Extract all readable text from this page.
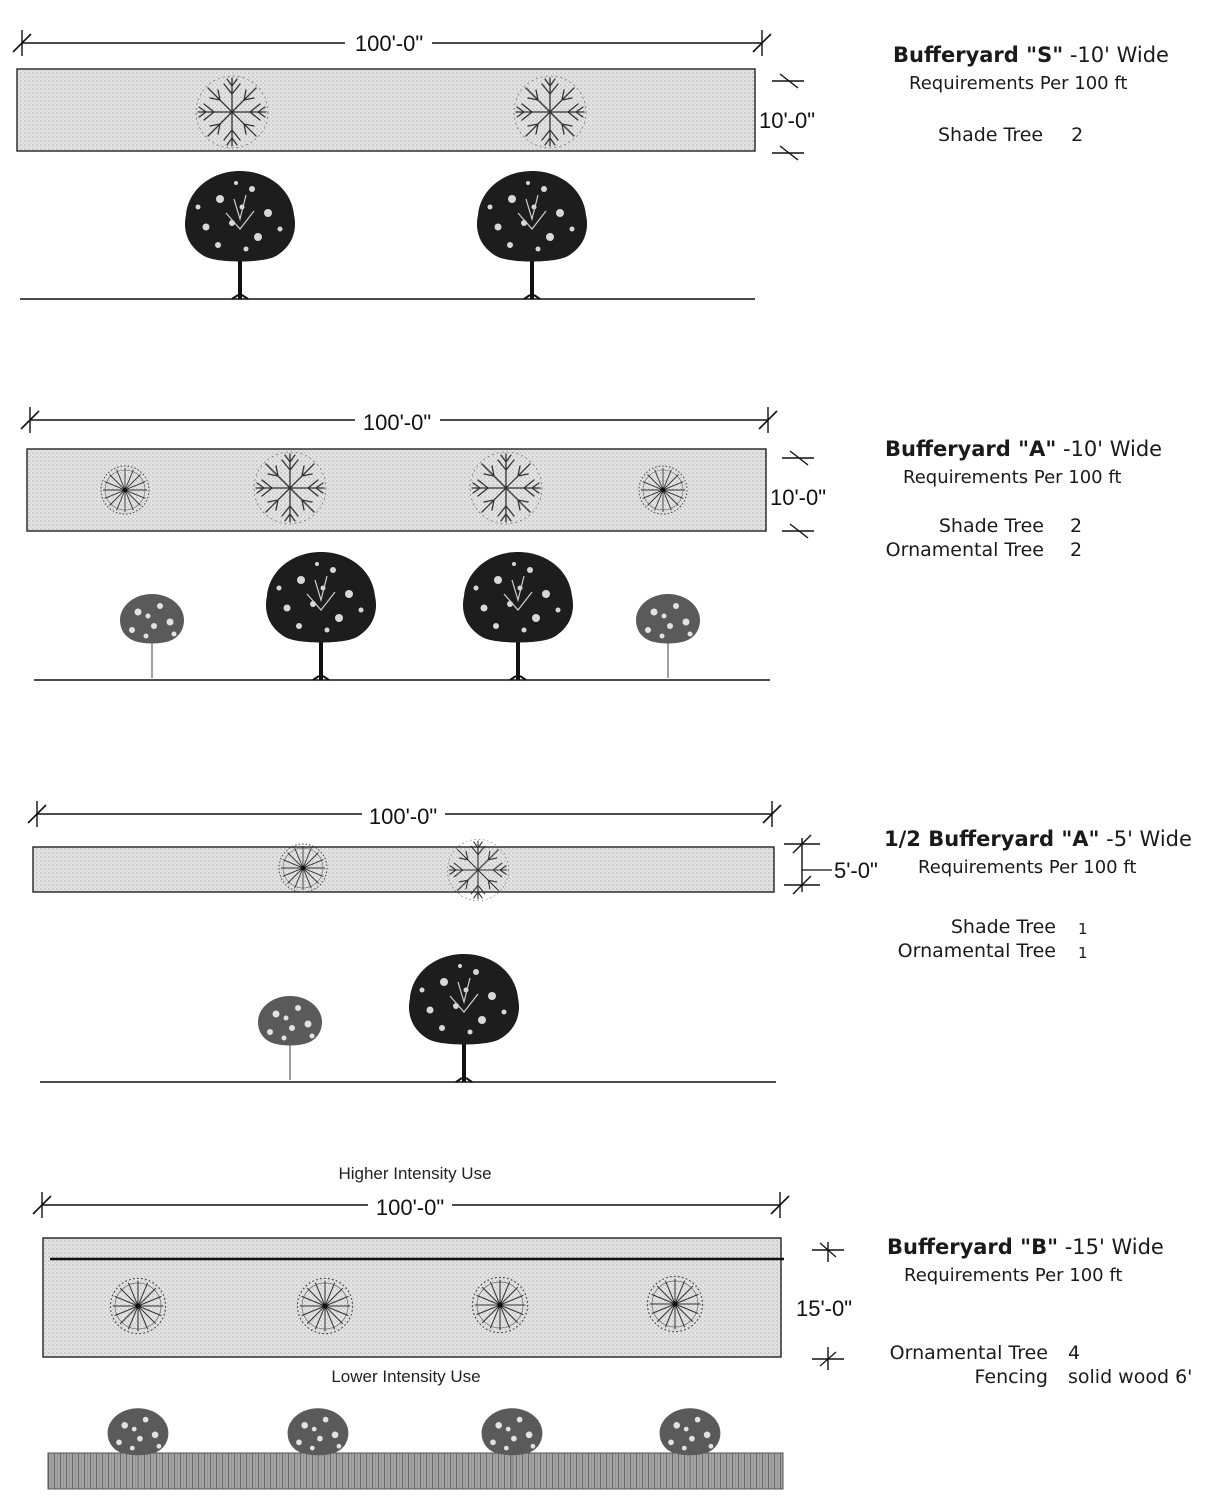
100'-0"
10'-0"
100'-0"
10'-0"
100'-0"
5'-0"
Higher Intensity Use
100'-0"
15'-0"
Lower Intensity Use
Bufferyard "S" -10' Wide
Requirements Per 100 ft
Shade Tree 2
Bufferyard "A" -10' Wide
Requirements Per 100 ft
Shade Tree 2
Ornamental Tree 2
1/2 Bufferyard "A" -5' Wide
Requirements Per 100 ft
Shade Tree 1
Ornamental Tree 1
Bufferyard "B" -15' Wide
Requirements Per 100 ft
Ornamental Tree 4
Fencing solid wood 6'
